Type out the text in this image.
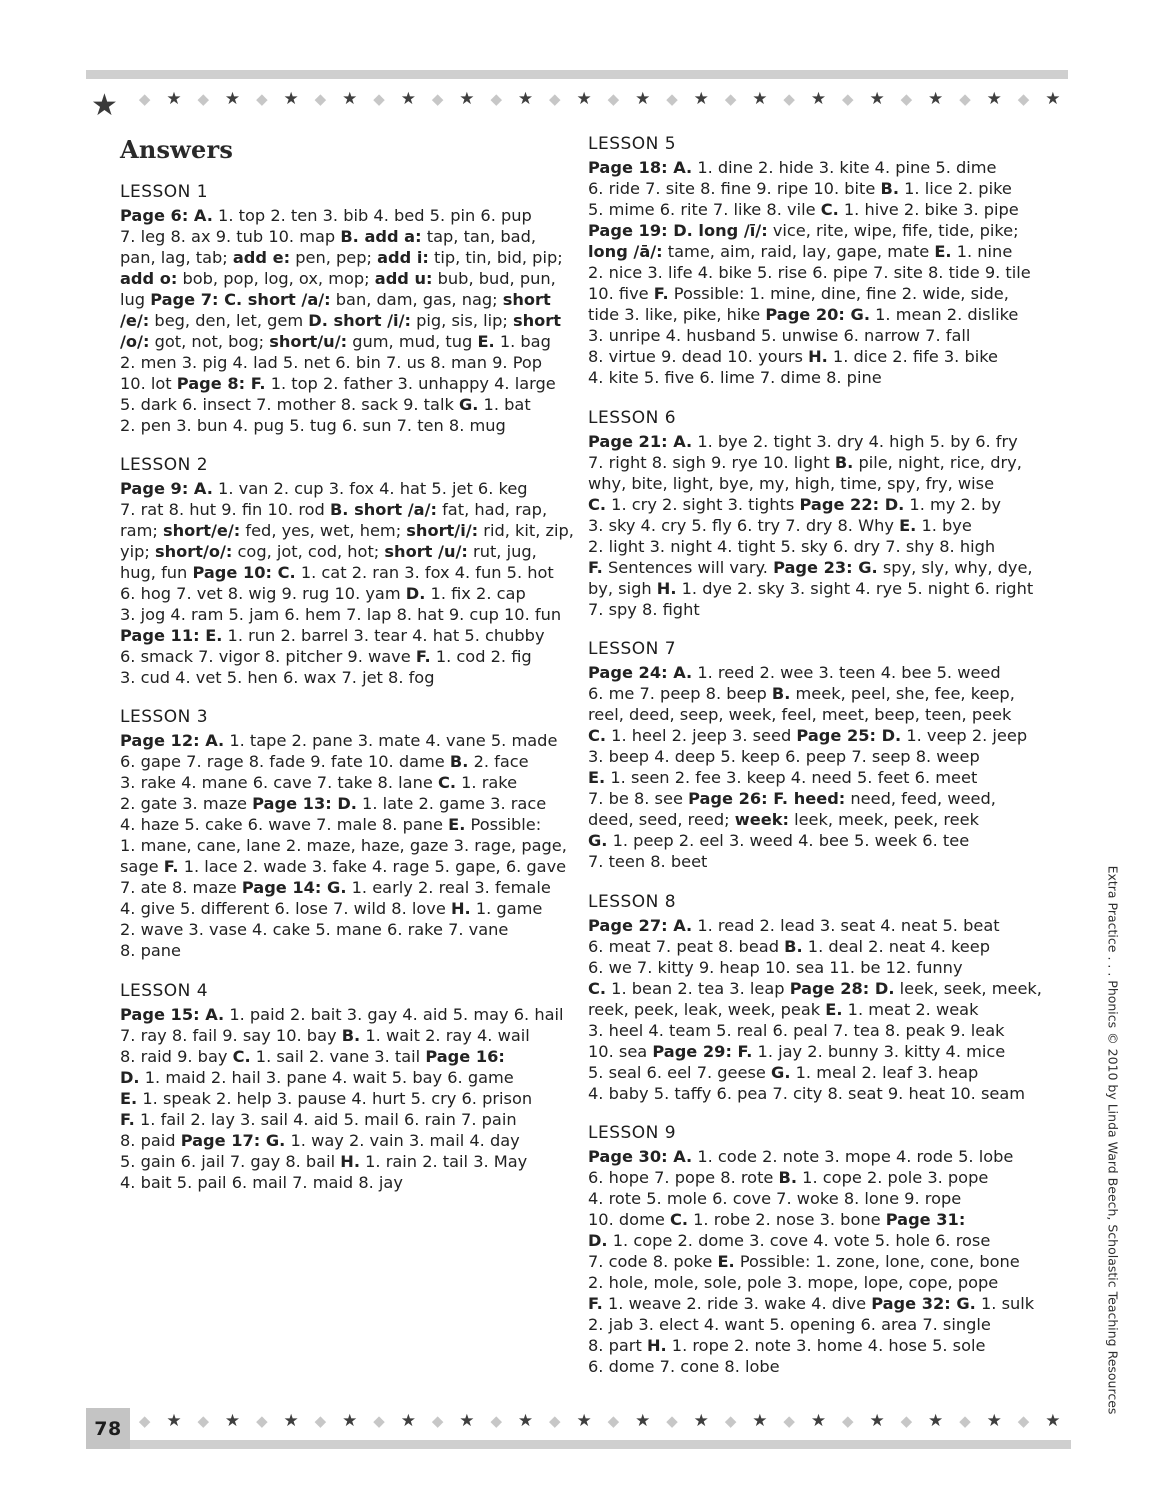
◆ ★	◆ ★	◆ ★	◆ ★	◆ ★	◆ ★	◆ ★	◆ ★	◆ ★	◆ ★	◆ ★	◆ ★	◆ ★	◆ ★	◆ ★	◆ ★
★
Answers
LESSON 1
Page 6: A. 1. top 2. ten 3. bib 4. bed 5. pin 6. pup
7. leg 8. ax 9. tub 10. map B. add a: tap, tan, bad,
pan, lag, tab; add e: pen, pep; add i: tip, tin, bid, pip;
add o: bob, pop, log, ox, mop; add u: bub, bud, pun,
lug Page 7: C. short /a/: ban, dam, gas, nag; short
/e/: beg, den, let, gem D. short /i/: pig, sis, lip; short
/o/: got, not, bog; short/u/: gum, mud, tug E. 1. bag
2. men 3. pig 4. lad 5. net 6. bin 7. us 8. man 9. Pop
10. lot Page 8: F. 1. top 2. father 3. unhappy 4. large
5. dark 6. insect 7. mother 8. sack 9. talk G. 1. bat
2. pen 3. bun 4. pug 5. tug 6. sun 7. ten 8. mug
LESSON 2
Page 9: A. 1. van 2. cup 3. fox 4. hat 5. jet 6. keg
7. rat 8. hut 9. fin 10. rod B. short /a/: fat, had, rap,
ram; short/e/: fed, yes, wet, hem; short/i/: rid, kit, zip,
yip; short/o/: cog, jot, cod, hot; short /u/: rut, jug,
hug, fun Page 10: C. 1. cat 2. ran 3. fox 4. fun 5. hot
6. hog 7. vet 8. wig 9. rug 10. yam D. 1. fix 2. cap
3. jog 4. ram 5. jam 6. hem 7. lap 8. hat 9. cup 10. fun
Page 11: E. 1. run 2. barrel 3. tear 4. hat 5. chubby
6. smack 7. vigor 8. pitcher 9. wave F. 1. cod 2. fig
3. cud 4. vet 5. hen 6. wax 7. jet 8. fog
LESSON 3
Page 12: A. 1. tape 2. pane 3. mate 4. vane 5. made
6. gape 7. rage 8. fade 9. fate 10. dame B. 2. face
3. rake 4. mane 6. cave 7. take 8. lane C. 1. rake
2. gate 3. maze Page 13: D. 1. late 2. game 3. race
4. haze 5. cake 6. wave 7. male 8. pane E. Possible:
1. mane, cane, lane 2. maze, haze, gaze 3. rage, page,
sage F. 1. lace 2. wade 3. fake 4. rage 5. gape, 6. gave
7. ate 8. maze Page 14: G. 1. early 2. real 3. female
4. give 5. different 6. lose 7. wild 8. love H. 1. game
2. wave 3. vase 4. cake 5. mane 6. rake 7. vane
8. pane
LESSON 4
Page 15: A. 1. paid 2. bait 3. gay 4. aid 5. may 6. hail
7. ray 8. fail 9. say 10. bay B. 1. wait 2. ray 4. wail
8. raid 9. bay C. 1. sail 2. vane 3. tail Page 16:
D. 1. maid 2. hail 3. pane 4. wait 5. bay 6. game
E. 1. speak 2. help 3. pause 4. hurt 5. cry 6. prison
F. 1. fail 2. lay 3. sail 4. aid 5. mail 6. rain 7. pain
8. paid Page 17: G. 1. way 2. vain 3. mail 4. day
5. gain 6. jail 7. gay 8. bail H. 1. rain 2. tail 3. May
4. bait 5. pail 6. mail 7. maid 8. jay
LESSON 5
Page 18: A. 1. dine 2. hide 3. kite 4. pine 5. dime
6. ride 7. site 8. fine 9. ripe 10. bite B. 1. lice 2. pike
5. mime 6. rite 7. like 8. vile C. 1. hive 2. bike 3. pipe
Page 19: D. long /ī/: vice, rite, wipe, fife, tide, pike;
long /ā/: tame, aim, raid, lay, gape, mate E. 1. nine
2. nice 3. life 4. bike 5. rise 6. pipe 7. site 8. tide 9. tile
10. five F. Possible: 1. mine, dine, fine 2. wide, side,
tide 3. like, pike, hike Page 20: G. 1. mean 2. dislike
3. unripe 4. husband 5. unwise 6. narrow 7. fall
8. virtue 9. dead 10. yours H. 1. dice 2. fife 3. bike
4. kite 5. five 6. lime 7. dime 8. pine
LESSON 6
Page 21: A. 1. bye 2. tight 3. dry 4. high 5. by 6. fry
7. right 8. sigh 9. rye 10. light B. pile, night, rice, dry,
why, bite, light, bye, my, high, time, spy, fry, wise
C. 1. cry 2. sight 3. tights Page 22: D. 1. my 2. by
3. sky 4. cry 5. fly 6. try 7. dry 8. Why E. 1. bye
2. light 3. night 4. tight 5. sky 6. dry 7. shy 8. high
F. Sentences will vary. Page 23: G. spy, sly, why, dye,
by, sigh H. 1. dye 2. sky 3. sight 4. rye 5. night 6. right
7. spy 8. fight
LESSON 7
Page 24: A. 1. reed 2. wee 3. teen 4. bee 5. weed
6. me 7. peep 8. beep B. meek, peel, she, fee, keep,
reel, deed, seep, week, feel, meet, beep, teen, peek
C. 1. heel 2. jeep 3. seed Page 25: D. 1. veep 2. jeep
3. beep 4. deep 5. keep 6. peep 7. seep 8. weep
E. 1. seen 2. fee 3. keep 4. need 5. feet 6. meet
7. be 8. see Page 26: F. heed: need, feed, weed,
deed, seed, reed; week: leek, meek, peek, reek
G. 1. peep 2. eel 3. weed 4. bee 5. week 6. tee
7. teen 8. beet
LESSON 8
Page 27: A. 1. read 2. lead 3. seat 4. neat 5. beat
6. meat 7. peat 8. bead B. 1. deal 2. neat 4. keep
6. we 7. kitty 9. heap 10. sea 11. be 12. funny
C. 1. bean 2. tea 3. leap Page 28: D. leek, seek, meek,
reek, peek, leak, week, peak E. 1. meat 2. weak
3. heel 4. team 5. real 6. peal 7. tea 8. peak 9. leak
10. sea Page 29: F. 1. jay 2. bunny 3. kitty 4. mice
5. seal 6. eel 7. geese G. 1. meal 2. leaf 3. heap
4. baby 5. taffy 6. pea 7. city 8. seat 9. heat 10. seam
LESSON 9
Page 30: A. 1. code 2. note 3. mope 4. rode 5. lobe
6. hope 7. pope 8. rote B. 1. cope 2. pole 3. pope
4. rote 5. mole 6. cove 7. woke 8. lone 9. rope
10. dome C. 1. robe 2. nose 3. bone Page 31:
D. 1. cope 2. dome 3. cove 4. vote 5. hole 6. rose
7. code 8. poke E. Possible: 1. zone, lone, cone, bone
2. hole, mole, sole, pole 3. mope, lope, cope, pope
F. 1. weave 2. ride 3. wake 4. dive Page 32: G. 1. sulk
2. jab 3. elect 4. want 5. opening 6. area 7. single
8. part H. 1. rope 2. note 3. home 4. hose 5. sole
6. dome 7. cone 8. lobe	Extra Practice . . . Phonics © 2010 by Linda Ward Beech, Scholastic Teaching Resources
◆ ★	◆ ★	◆ ★	◆ ★	◆ ★	◆ ★	◆ ★	◆ ★	◆ ★	◆ ★	◆ ★	◆ ★	◆ ★	◆ ★	◆ ★	◆ ★
78
